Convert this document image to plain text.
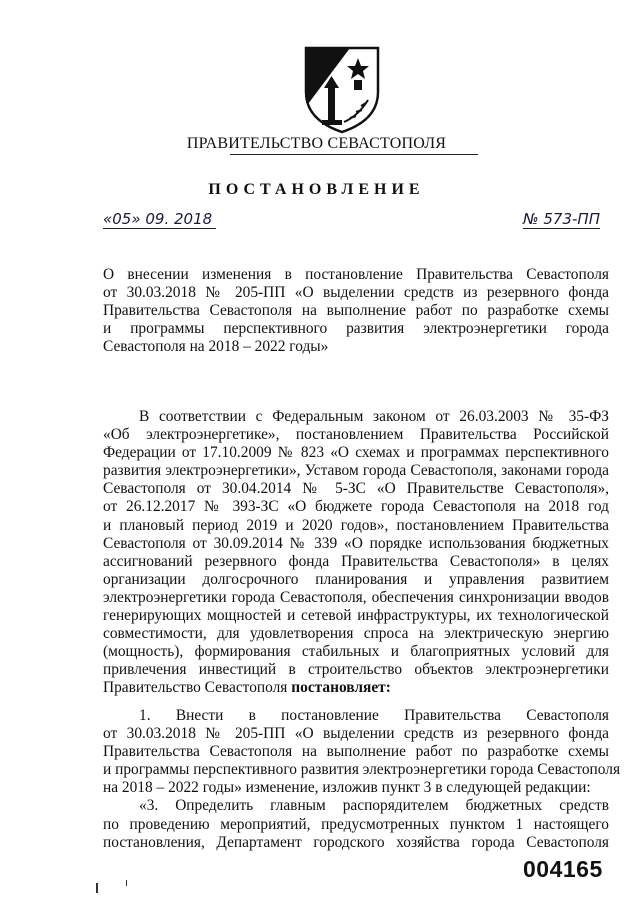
ПРАВИТЕЛЬСТВО СЕВАСТОПОЛЯ
ПОСТАНОВЛЕНИЕ
«05» 09. 2018	№ 573-ПП
О внесении изменения в постановление Правительства Севастополя
от 30.03.2018 № 205-ПП «О выделении средств из резервного фонда
Правительства Севастополя на выполнение работ по разработке схемы
и программы перспективного развития электроэнергетики города
Севастополя на 2018 – 2022 годы»
В соответствии с Федеральным законом от 26.03.2003 № 35-ФЗ
«Об электроэнергетике», постановлением Правительства Российской
Федерации от 17.10.2009 № 823 «О схемах и программах перспективного
развития электроэнергетики», Уставом города Севастополя, законами города
Севастополя от 30.04.2014 № 5-ЗС «О Правительстве Севастополя»,
от 26.12.2017 № 393-ЗС «О бюджете города Севастополя на 2018 год
и плановый период 2019 и 2020 годов», постановлением Правительства
Севастополя от 30.09.2014 № 339 «О порядке использования бюджетных
ассигнований резервного фонда Правительства Севастополя» в целях
организации долгосрочного планирования и управления развитием
электроэнергетики города Севастополя, обеспечения синхронизации вводов
генерирующих мощностей и сетевой инфраструктуры, их технологической
совместимости, для удовлетворения спроса на электрическую энергию
(мощность), формирования стабильных и благоприятных условий для
привлечения инвестиций в строительство объектов электроэнергетики
Правительство Севастополя постановляет:
1. Внести в постановление Правительства Севастополя
от 30.03.2018 № 205-ПП «О выделении средств из резервного фонда
Правительства Севастополя на выполнение работ по разработке схемы
и программы перспективного развития электроэнергетики города Севастополя
на 2018 – 2022 годы» изменение, изложив пункт 3 в следующей редакции:
«3. Определить главным распорядителем бюджетных средств
по проведению мероприятий, предусмотренных пунктом 1 настоящего
постановления, Департамент городского хозяйства города Севастополя
004165
